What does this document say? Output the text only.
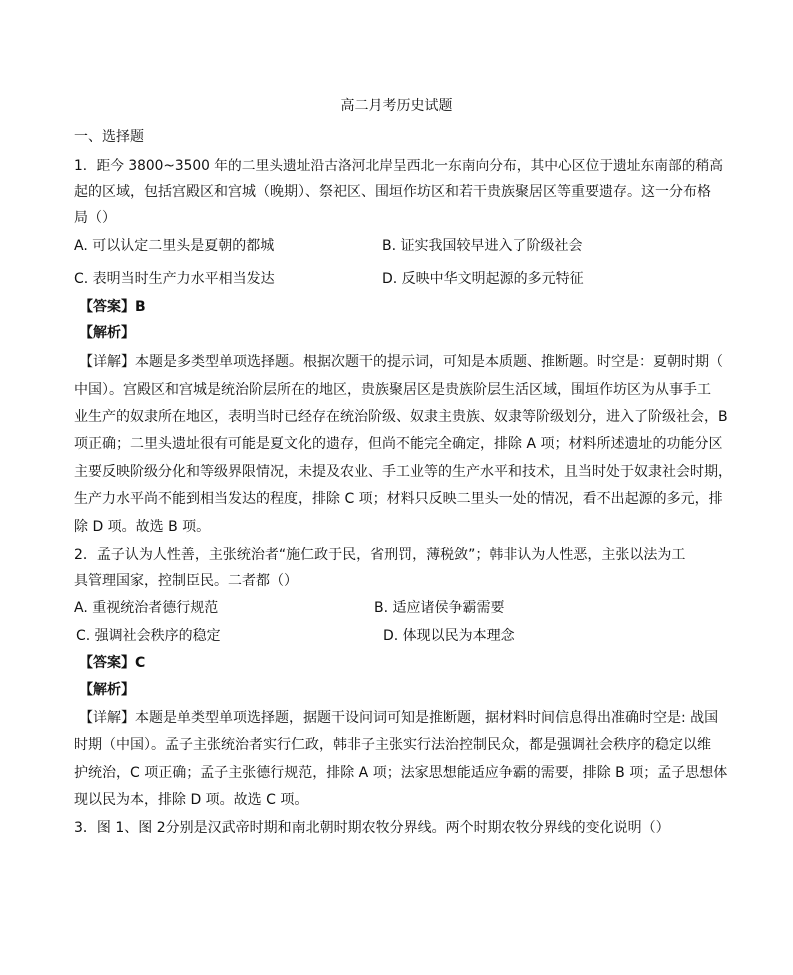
高二月考历史试题
一、选择题
1．距今 3800~3500 年的二里头遗址沿古洛河北岸呈西北一东南向分布，其中心区位于遗址东南部的稍高
起的区域，包括宫殿区和宫城（晚期）、祭祀区、围垣作坊区和若干贵族聚居区等重要遗存。这一分布格
局（）
A. 可以认定二里头是夏朝的都城	B. 证实我国较早进入了阶级社会
C. 表明当时生产力水平相当发达	D. 反映中华文明起源的多元特征
【答案】B
【解析】
【详解】本题是多类型单项选择题。根据次题干的提示词，可知是本质题、推断题。时空是：夏朝时期（
中国）。宫殿区和宫城是统治阶层所在的地区，贵族聚居区是贵族阶层生活区域，围垣作坊区为从事手工
业生产的奴隶所在地区，表明当时已经存在统治阶级、奴隶主贵族、奴隶等阶级划分，进入了阶级社会，B
项正确；二里头遗址很有可能是夏文化的遗存，但尚不能完全确定，排除 A 项；材料所述遗址的功能分区
主要反映阶级分化和等级界限情况，未提及农业、手工业等的生产水平和技术，且当时处于奴隶社会时期，
生产力水平尚不能到相当发达的程度，排除 C 项；材料只反映二里头一处的情况，看不出起源的多元，排
除 D 项。故选 B 项。
2．孟子认为人性善，主张统治者“施仁政于民，省刑罚，薄税敛”；韩非认为人性恶，主张以法为工
具管理国家，控制臣民。二者都（）
A. 重视统治者德行规范	B. 适应诸侯争霸需要
C. 强调社会秩序的稳定	D. 体现以民为本理念
【答案】C
【解析】
【详解】本题是单类型单项选择题，据题干设问词可知是推断题，据材料时间信息得出准确时空是: 战国
时期（中国）。孟子主张统治者实行仁政，韩非子主张实行法治控制民众，都是强调社会秩序的稳定以维
护统治，C 项正确；孟子主张德行规范，排除 A 项；法家思想能适应争霸的需要，排除 B 项；孟子思想体
现以民为本，排除 D 项。故选 C 项。
3．图 1、图 2分别是汉武帝时期和南北朝时期农牧分界线。两个时期农牧分界线的变化说明（）
